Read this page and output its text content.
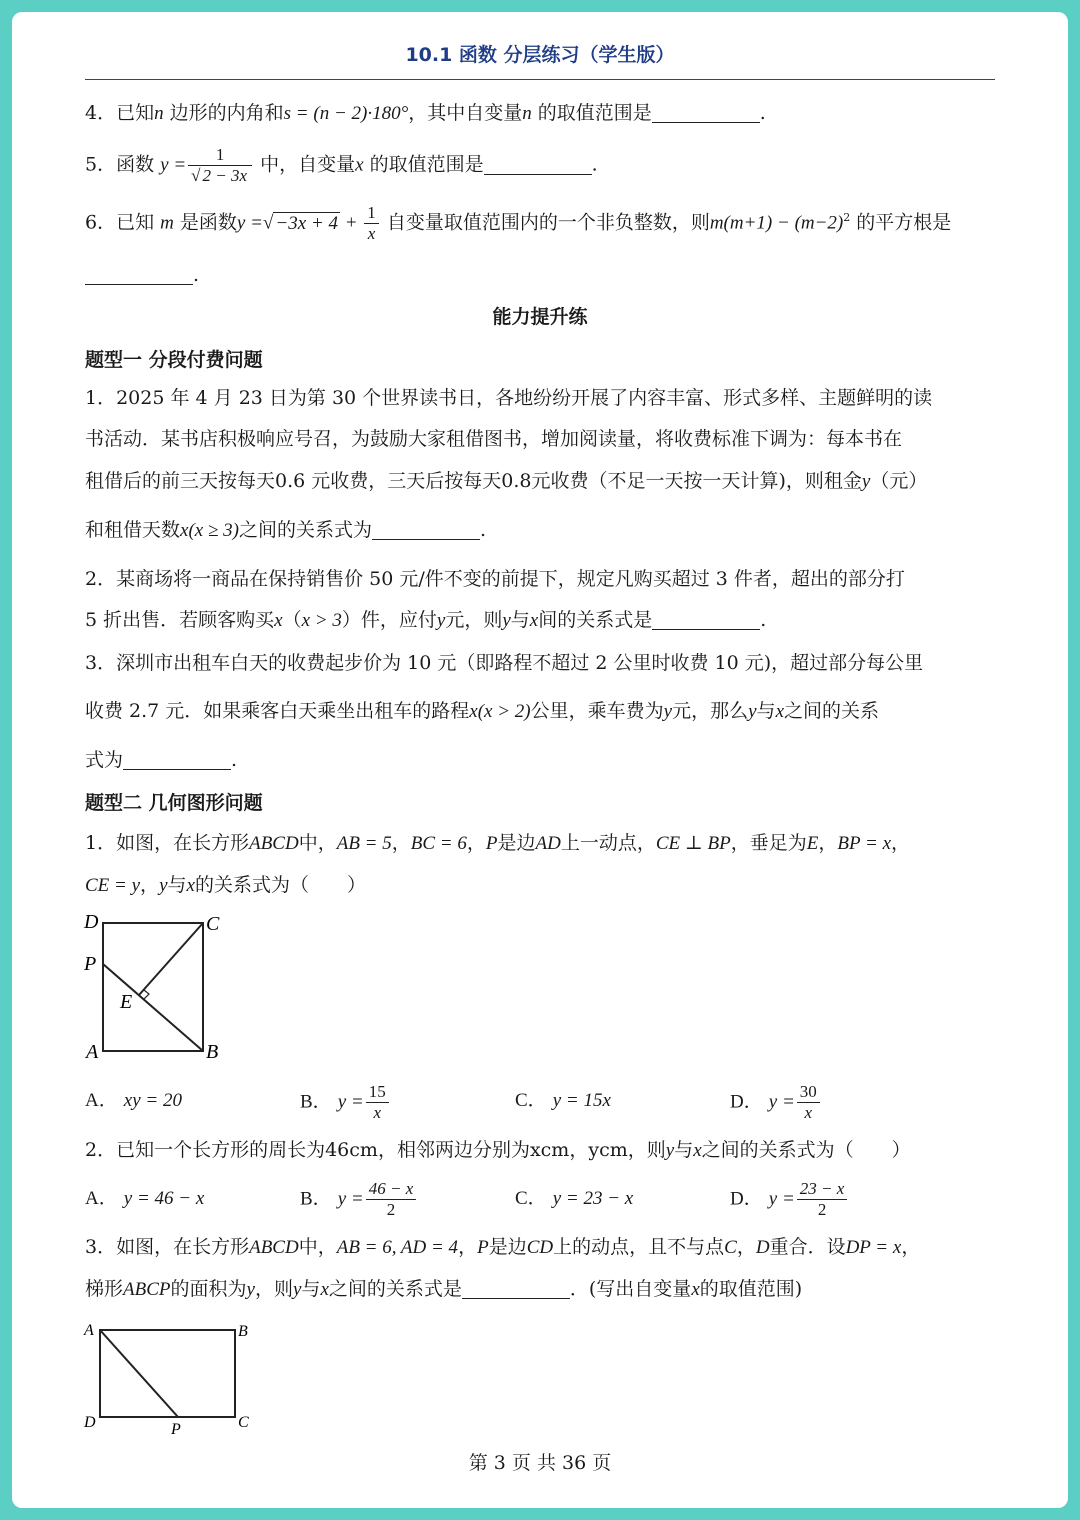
10.1 函数 分层练习（学生版）
4．已知n 边形的内角和s = (n − 2)·180°，其中自变量n 的取值范围是	.
5．函数 $y = \frac{1}{√ 2 - 3x}$ 中，自变量x 的取值范围是	.
6．已知 m 是函数y =√ $-3x + 4 + \frac{1}{x}$ 自变量取值范围内的一个非负整数，则$m(m+1) - (m-2)^2$ 的平方根是
.
能力提升练
题型一 分段付费问题
1．2025 年 4 月 23 日为第 30 个世界读书日，各地纷纷开展了内容丰富、形式多样、主题鲜明的读
书活动．某书店积极响应号召，为鼓励大家租借图书，增加阅读量，将收费标准下调为：每本书在
租借后的前三天按每天0.6 元收费，三天后按每天0.8元收费（不足一天按一天计算)，则租金y（元）
和租借天数x(x ≥ 3)之间的关系式为	.
2．某商场将一商品在保持销售价 50 元/件不变的前提下，规定凡购买超过 3 件者，超出的部分打
5 折出售．若顾客购买x（x > 3）件，应付y元，则y与x间的关系式是	.
3．深圳市出租车白天的收费起步价为 10 元（即路程不超过 2 公里时收费 10 元)，超过部分每公里
收费 2.7 元．如果乘客白天乘坐出租车的路程x(x > 2)公里，乘车费为y元，那么y与x之间的关系
式为	.
题型二 几何图形问题
1．如图，在长方形ABCD中，AB = 5，BC = 6，P是边AD上一动点，CE ⊥ BP，垂足为E，BP = x，
CE = y，y与x的关系式为（　　）
D	C
P
E
A	B
A． xy = 20	B． $y = \frac{15}{x}$	C． y = 15x	D． $y = \frac{30}{x}$
2．已知一个长方形的周长为46cm，相邻两边分别为xcm，ycm，则y与x之间的关系式为（　　）
A． y = 46 − x	B． $y = \frac{46 - x}{2}$	C． y = 23 − x	D． $y = \frac{23 - x}{2}$
3．如图，在长方形ABCD中，AB = 6, AD = 4，P是边CD上的动点，且不与点C，D重合．设DP = x，
梯形ABCP的面积为y，则y与x之间的关系式是	．(写出自变量x的取值范围)
A	B
D	P	C
第 3 页 共 36 页
